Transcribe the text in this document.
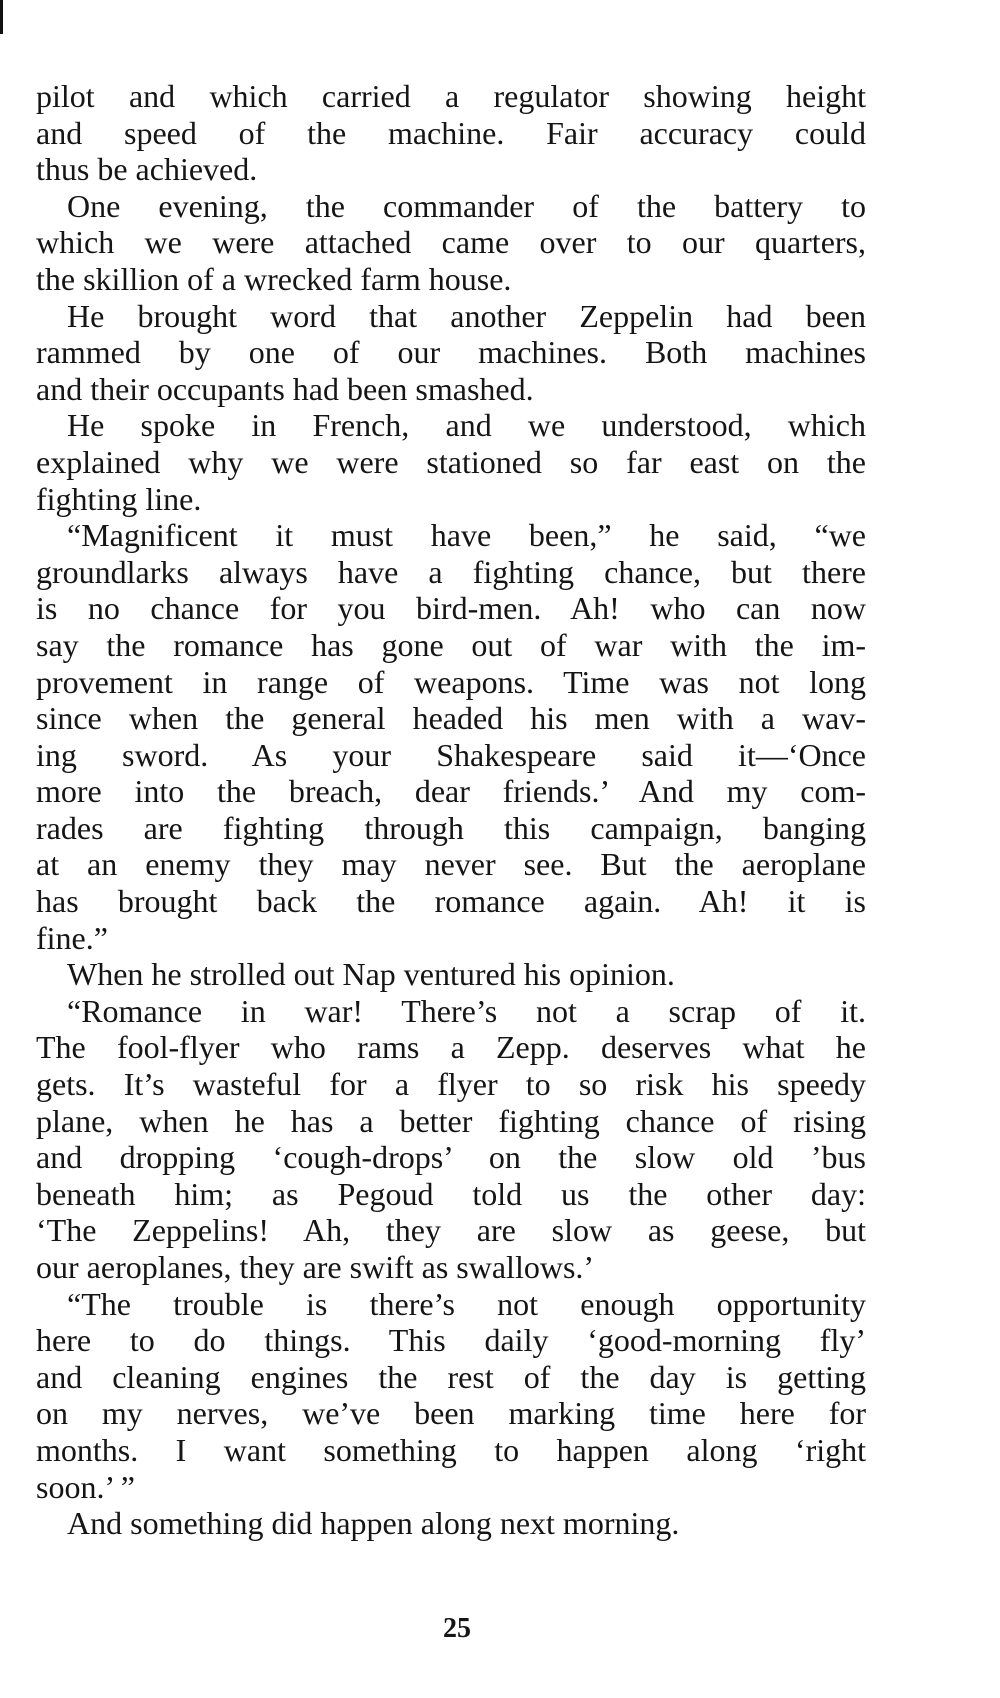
pilot and which carried a regulator showing height
and speed of the machine. Fair accuracy could
thus be achieved.
One evening, the commander of the battery to
which we were attached came over to our quarters,
the skillion of a wrecked farm house.
He brought word that another Zeppelin had been
rammed by one of our machines. Both machines
and their occupants had been smashed.
He spoke in French, and we understood, which
explained why we were stationed so far east on the
fighting line.
“Magnificent it must have been,” he said, “we
groundlarks always have a fighting chance, but there
is no chance for you bird-men. Ah! who can now
say the romance has gone out of war with the im-
provement in range of weapons. Time was not long
since when the general headed his men with a wav-
ing sword. As your Shakespeare said it—‘Once
more into the breach, dear friends.’ And my com-
rades are fighting through this campaign, banging
at an enemy they may never see. But the aeroplane
has brought back the romance again. Ah! it is
fine.”
When he strolled out Nap ventured his opinion.
“Romance in war! There’s not a scrap of it.
The fool-flyer who rams a Zepp. deserves what he
gets. It’s wasteful for a flyer to so risk his speedy
plane, when he has a better fighting chance of rising
and dropping ‘cough-drops’ on the slow old ’bus
beneath him; as Pegoud told us the other day:
‘The Zeppelins! Ah, they are slow as geese, but
our aeroplanes, they are swift as swallows.’
“The trouble is there’s not enough opportunity
here to do things. This daily ‘good-morning fly’
and cleaning engines the rest of the day is getting
on my nerves, we’ve been marking time here for
months. I want something to happen along ‘right
soon.’ ”
And something did happen along next morning.
25
